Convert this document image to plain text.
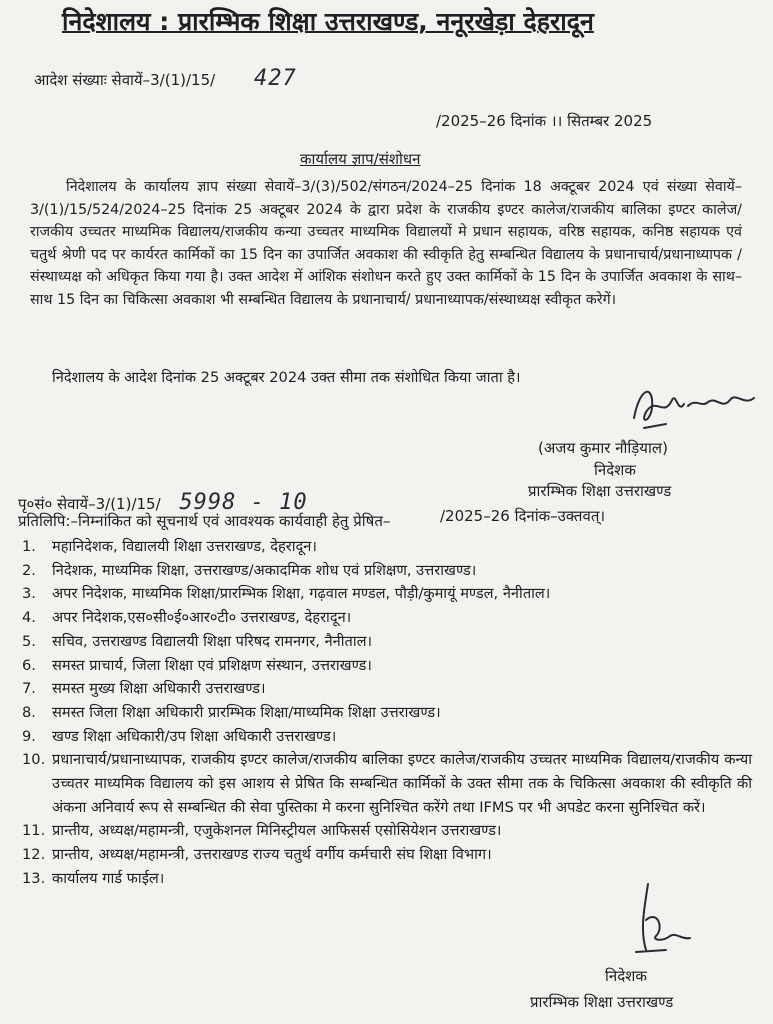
निदेशालय : प्रारम्भिक शिक्षा उत्तराखण्ड, ननूरखेड़ा देहरादून
आदेश संख्याः सेवायें–3/(1)/15/ 427
/2025–26 दिनांक ।। सितम्बर 2025
कार्यालय ज्ञाप/संशोधन
निदेशालय के कार्यालय ज्ञाप संख्या सेवायें–3/(3)/502/संगठन/2024–25 दिनांक 18 अक्टूबर 2024 एवं संख्या सेवायें–3/(1)/15/524/2024–25 दिनांक 25 अक्टूबर 2024 के द्वारा प्रदेश के राजकीय इण्टर कालेज/राजकीय बालिका इण्टर कालेज/राजकीय उच्चतर माध्यमिक विद्यालय/राजकीय कन्या उच्चतर माध्यमिक विद्यालयों मे प्रधान सहायक, वरिष्ठ सहायक, कनिष्ठ सहायक एवं चतुर्थ श्रेणी पद पर कार्यरत कार्मिकों का 15 दिन का उपार्जित अवकाश की स्वीकृति हेतु सम्बन्धित विद्यालय के प्रधानाचार्य/प्रधानाध्यापक /संस्थाध्यक्ष को अधिकृत किया गया है। उक्त आदेश में आंशिक संशोधन करते हुए उक्त कार्मिकों के 15 दिन के उपार्जित अवकाश के साथ–साथ 15 दिन का चिकित्सा अवकाश भी सम्बन्धित विद्यालय के प्रधानाचार्य/ प्रधानाध्यापक/संस्थाध्यक्ष स्वीकृत करेगें।
निदेशालय के आदेश दिनांक 25 अक्टूबर 2024 उक्त सीमा तक संशोधित किया जाता है।
(अजय कुमार नौड़ियाल)
निदेशक
प्रारम्भिक शिक्षा उत्तराखण्ड
पृ०सं० सेवायें–3/(1)/15/ 5998 - 10
/2025–26 दिनांक–उक्तवत्।
प्रतिलिपि:–निम्नांकित को सूचनार्थ एवं आवश्यक कार्यवाही हेतु प्रेषित–
1.	महानिदेशक, विद्यालयी शिक्षा उत्तराखण्ड, देहरादून।
2.	निदेशक, माध्यमिक शिक्षा, उत्तराखण्ड/अकादमिक शोध एवं प्रशिक्षण, उत्तराखण्ड।
3.	अपर निदेशक, माध्यमिक शिक्षा/प्रारम्भिक शिक्षा, गढ़वाल मण्डल, पौड़ी/कुमायूं मण्डल, नैनीताल।
4.	अपर निदेशक,एस०सी०ई०आर०टी० उत्तराखण्ड, देहरादून।
5.	सचिव, उत्तराखण्ड विद्यालयी शिक्षा परिषद रामनगर, नैनीताल।
6.	समस्त प्राचार्य, जिला शिक्षा एवं प्रशिक्षण संस्थान, उत्तराखण्ड।
7.	समस्त मुख्य शिक्षा अधिकारी उत्तराखण्ड।
8.	समस्त जिला शिक्षा अधिकारी प्रारम्भिक शिक्षा/माध्यमिक शिक्षा उत्तराखण्ड।
9.	खण्ड शिक्षा अधिकारी/उप शिक्षा अधिकारी उत्तराखण्ड।
10. प्रधानाचार्य/प्रधानाध्यापक, राजकीय इण्टर कालेज/राजकीय बालिका इण्टर कालेज/राजकीय उच्चतर माध्यमिक विद्यालय/राजकीय कन्या उच्चतर माध्यमिक विद्यालय को इस आशय से प्रेषित कि सम्बन्धित कार्मिकों के उक्त सीमा तक के चिकित्सा अवकाश की स्वीकृति की अंकना अनिवार्य रूप से सम्बन्धित की सेवा पुस्तिका मे करना सुनिश्चित करेंगे तथा IFMS पर भी अपडेट करना सुनिश्चित करें।
11. प्रान्तीय, अध्यक्ष/महामन्त्री, एजुकेशनल मिनिस्ट्रीयल आफिसर्स एसोसियेशन उत्तराखण्ड।
12. प्रान्तीय, अध्यक्ष/महामन्त्री, उत्तराखण्ड राज्य चतुर्थ वर्गीय कर्मचारी संघ शिक्षा विभाग।
13. कार्यालय गार्ड फाईल।
निदेशक
प्रारम्भिक शिक्षा उत्तराखण्ड
